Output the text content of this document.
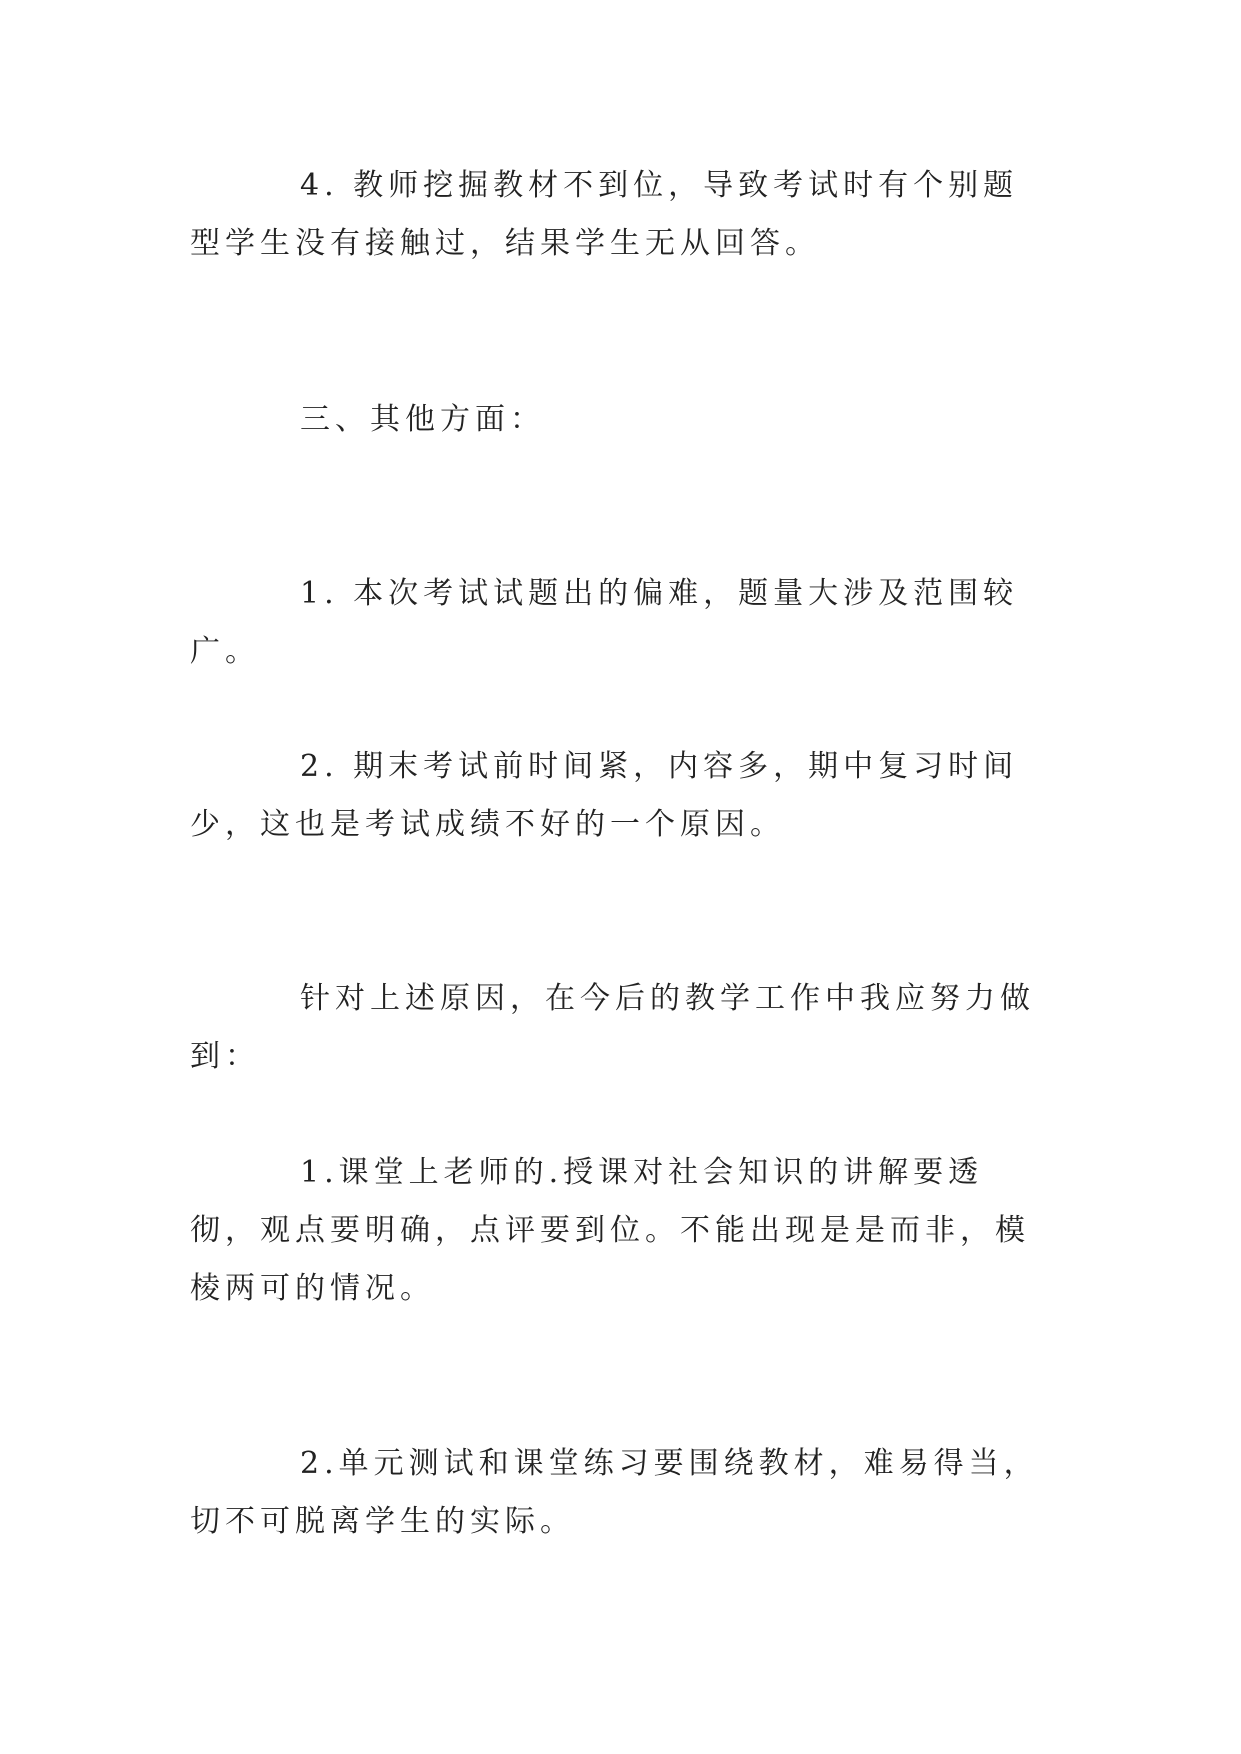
4. 教师挖掘教材不到位，导致考试时有个别题型学生没有接触过，结果学生无从回答。

三、其他方面：

1. 本次考试试题出的偏难，题量大涉及范围较广。

2. 期末考试前时间紧，内容多，期中复习时间少，这也是考试成绩不好的一个原因。

针对上述原因，在今后的教学工作中我应努力做到：

1.课堂上老师的.授课对社会知识的讲解要透彻，观点要明确，点评要到位。不能出现是是而非，模棱两可的情况。

2.单元测试和课堂练习要围绕教材，难易得当，切不可脱离学生的实际。
